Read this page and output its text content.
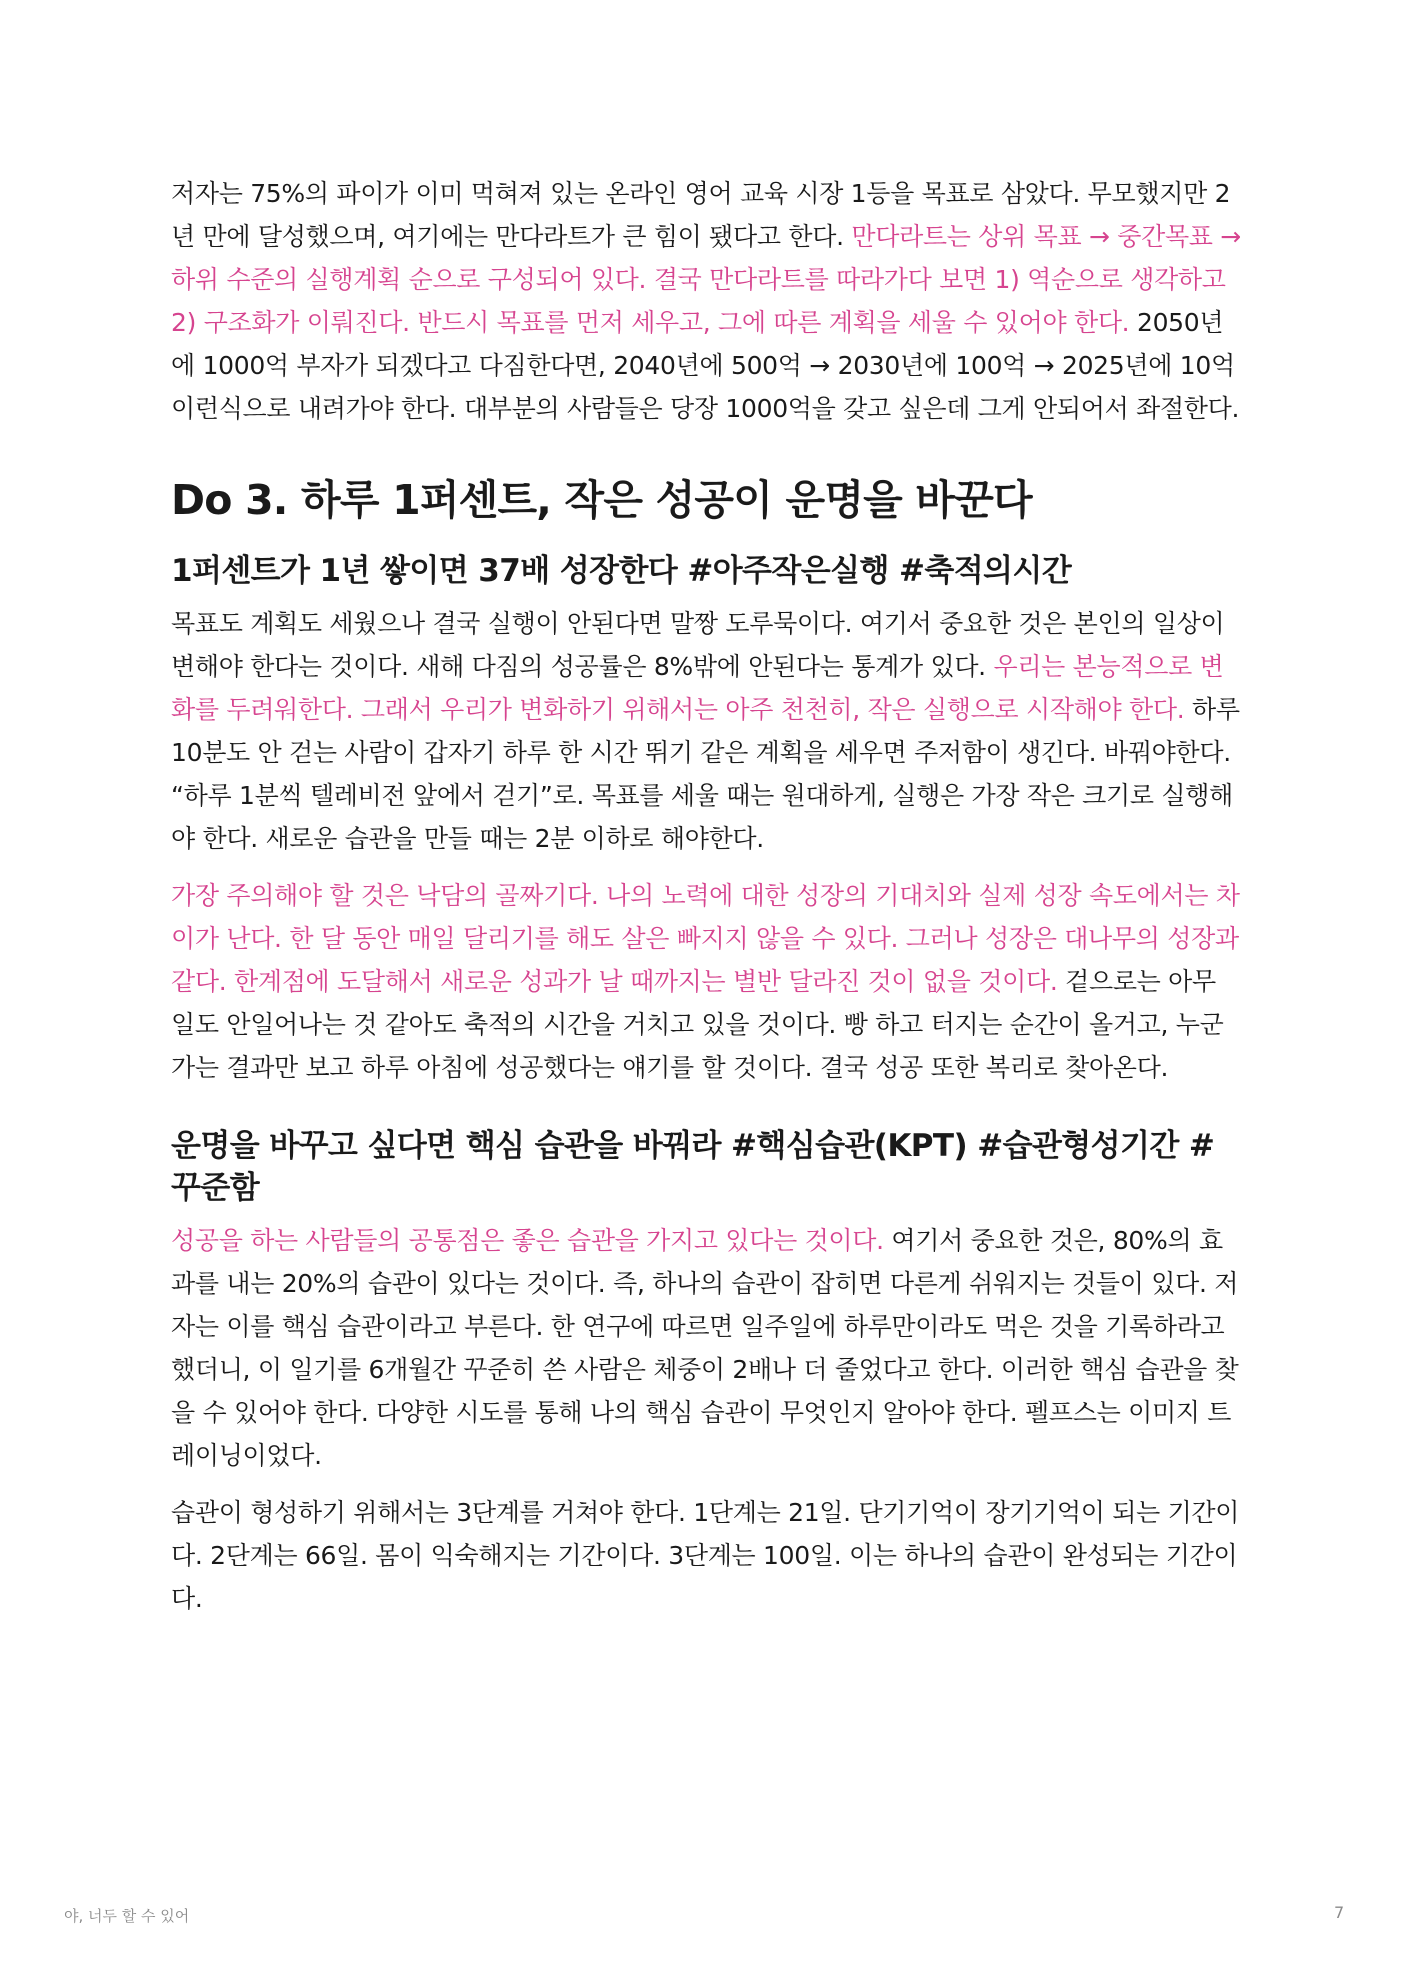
저자는 75%의 파이가 이미 먹혀져 있는 온라인 영어 교육 시장 1등을 목표로 삼았다. 무모했지만 2년 만에 달성했으며, 여기에는 만다라트가 큰 힘이 됐다고 한다. 만다라트는 상위 목표 → 중간목표 → 하위 수준의 실행계획 순으로 구성되어 있다. 결국 만다라트를 따라가다 보면 1) 역순으로 생각하고 2) 구조화가 이뤄진다. 반드시 목표를 먼저 세우고, 그에 따른 계획을 세울 수 있어야 한다. 2050년에 1000억 부자가 되겠다고 다짐한다면, 2040년에 500억 → 2030년에 100억 → 2025년에 10억 이런식으로 내려가야 한다. 대부분의 사람들은 당장 1000억을 갖고 싶은데 그게 안되어서 좌절한다.

Do 3. 하루 1퍼센트, 작은 성공이 운명을 바꾼다
1퍼센트가 1년 쌓이면 37배 성장한다 #아주작은실행 #축적의시간

목표도 계획도 세웠으나 결국 실행이 안된다면 말짱 도루묵이다. 여기서 중요한 것은 본인의 일상이 변해야 한다는 것이다. 새해 다짐의 성공률은 8%밖에 안된다는 통계가 있다. 우리는 본능적으로 변화를 두려워한다. 그래서 우리가 변화하기 위해서는 아주 천천히, 작은 실행으로 시작해야 한다. 하루 10분도 안 걷는 사람이 갑자기 하루 한 시간 뛰기 같은 계획을 세우면 주저함이 생긴다. 바꿔야한다. “하루 1분씩 텔레비전 앞에서 걷기”로. 목표를 세울 때는 원대하게, 실행은 가장 작은 크기로 실행해야 한다. 새로운 습관을 만들 때는 2분 이하로 해야한다.

가장 주의해야 할 것은 낙담의 골짜기다. 나의 노력에 대한 성장의 기대치와 실제 성장 속도에서는 차이가 난다. 한 달 동안 매일 달리기를 해도 살은 빠지지 않을 수 있다. 그러나 성장은 대나무의 성장과 같다. 한계점에 도달해서 새로운 성과가 날 때까지는 별반 달라진 것이 없을 것이다. 겉으로는 아무 일도 안일어나는 것 같아도 축적의 시간을 거치고 있을 것이다. 빵 하고 터지는 순간이 올거고, 누군가는 결과만 보고 하루 아침에 성공했다는 얘기를 할 것이다. 결국 성공 또한 복리로 찾아온다.

운명을 바꾸고 싶다면 핵심 습관을 바꿔라 #핵심습관(KPT) #습관형성기간 #꾸준함

성공을 하는 사람들의 공통점은 좋은 습관을 가지고 있다는 것이다. 여기서 중요한 것은, 80%의 효과를 내는 20%의 습관이 있다는 것이다. 즉, 하나의 습관이 잡히면 다른게 쉬워지는 것들이 있다. 저자는 이를 핵심 습관이라고 부른다. 한 연구에 따르면 일주일에 하루만이라도 먹은 것을 기록하라고 했더니, 이 일기를 6개월간 꾸준히 쓴 사람은 체중이 2배나 더 줄었다고 한다. 이러한 핵심 습관을 찾을 수 있어야 한다. 다양한 시도를 통해 나의 핵심 습관이 무엇인지 알아야 한다. 펠프스는 이미지 트레이닝이었다.

습관이 형성하기 위해서는 3단계를 거쳐야 한다. 1단계는 21일. 단기기억이 장기기억이 되는 기간이다. 2단계는 66일. 몸이 익숙해지는 기간이다. 3단계는 100일. 이는 하나의 습관이 완성되는 기간이다.

야, 너두 할 수 있어	7
